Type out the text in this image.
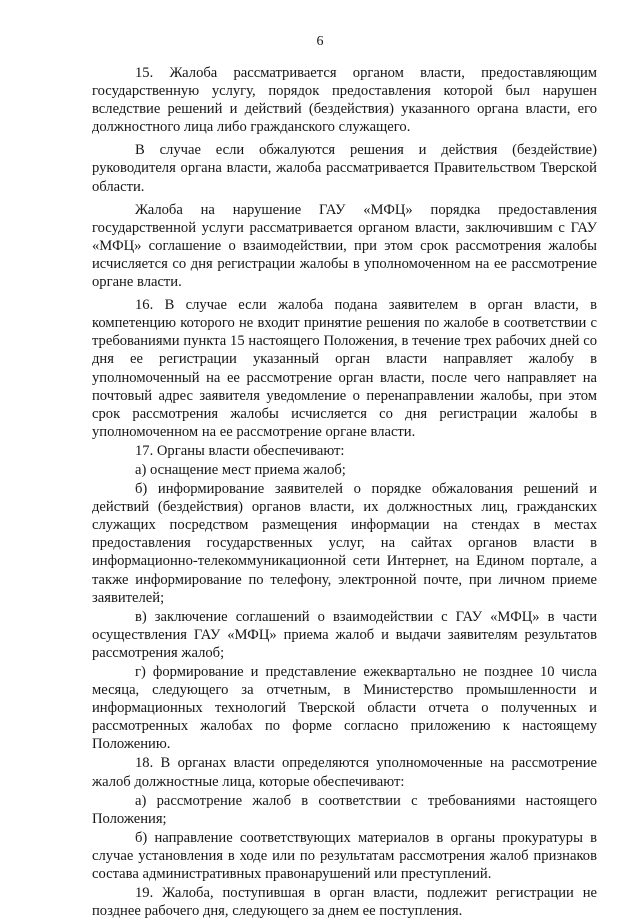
6

15. Жалоба рассматривается органом власти, предоставляющим государственную услугу, порядок предоставления которой был нарушен вследствие решений и действий (бездействия) указанного органа власти, его должностного лица либо гражданского служащего.

В случае если обжалуются решения и действия (бездействие) руководителя органа власти, жалоба рассматривается Правительством Тверской области.

Жалоба на нарушение ГАУ «МФЦ» порядка предоставления государственной услуги рассматривается органом власти, заключившим с ГАУ «МФЦ» соглашение о взаимодействии, при этом срок рассмотрения жалобы исчисляется со дня регистрации жалобы в уполномоченном на ее рассмотрение органе власти.

16. В случае если жалоба подана заявителем в орган власти, в компетенцию которого не входит принятие решения по жалобе в соответствии с требованиями пункта 15 настоящего Положения, в течение трех рабочих дней со дня ее регистрации указанный орган власти направляет жалобу в уполномоченный на ее рассмотрение орган власти, после чего направляет на почтовый адрес заявителя уведомление о перенаправлении жалобы, при этом срок рассмотрения жалобы исчисляется со дня регистрации жалобы в уполномоченном на ее рассмотрение органе власти.

17. Органы власти обеспечивают:

а) оснащение мест приема жалоб;

б) информирование заявителей о порядке обжалования решений и действий (бездействия) органов власти, их должностных лиц, гражданских служащих посредством размещения информации на стендах в местах предоставления государственных услуг, на сайтах органов власти в информационно-телекоммуникационной сети Интернет, на Едином портале, а также информирование по телефону, электронной почте, при личном приеме заявителей;

в) заключение соглашений о взаимодействии с ГАУ «МФЦ» в части осуществления ГАУ «МФЦ» приема жалоб и выдачи заявителям результатов рассмотрения жалоб;

г) формирование и представление ежеквартально не позднее 10 числа месяца, следующего за отчетным, в Министерство промышленности и информационных технологий Тверской области отчета о полученных и рассмотренных жалобах по форме согласно приложению к настоящему Положению.

18. В органах власти определяются уполномоченные на рассмотрение жалоб должностные лица, которые обеспечивают:

а) рассмотрение жалоб в соответствии с требованиями настоящего Положения;

б) направление соответствующих материалов в органы прокуратуры в случае установления в ходе или по результатам рассмотрения жалоб признаков состава административных правонарушений или преступлений.

19. Жалоба, поступившая в орган власти, подлежит регистрации не позднее рабочего дня, следующего за днем ее поступления.
